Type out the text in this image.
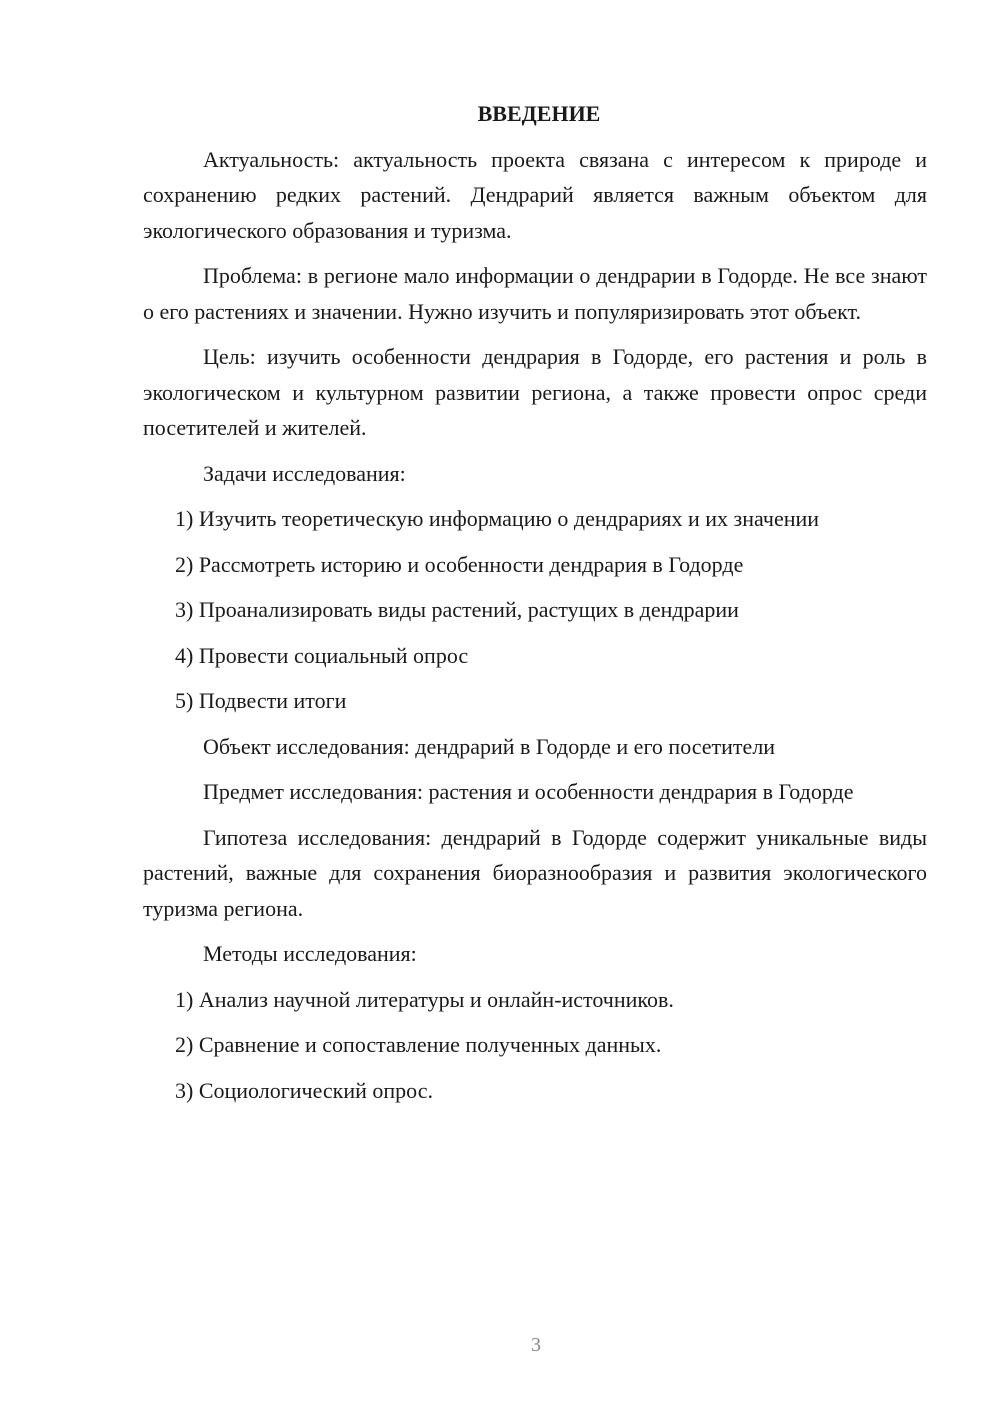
ВВЕДЕНИЕ

Актуальность: актуальность проекта связана с интересом к природе и сохранению редких растений. Дендрарий является важным объектом для экологического образования и туризма.

Проблема: в регионе мало информации о дендрарии в Годорде. Не все знают о его растениях и значении. Нужно изучить и популяризировать этот объект.

Цель: изучить особенности дендрария в Годорде, его растения и роль в экологическом и культурном развитии региона, а также провести опрос среди посетителей и жителей.

Задачи исследования:

1) Изучить теоретическую информацию о дендрариях и их значении
2) Рассмотреть историю и особенности дендрария в Годорде
3) Проанализировать виды растений, растущих в дендрарии
4) Провести социальный опрос
5) Подвести итоги

Объект исследования: дендрарий в Годорде и его посетители

Предмет исследования: растения и особенности дендрария в Годорде

Гипотеза исследования: дендрарий в Годорде содержит уникальные виды растений, важные для сохранения биоразнообразия и развития экологического туризма региона.

Методы исследования:

1) Анализ научной литературы и онлайн-источников.
2) Сравнение и сопоставление полученных данных.
3) Социологический опрос.
3
